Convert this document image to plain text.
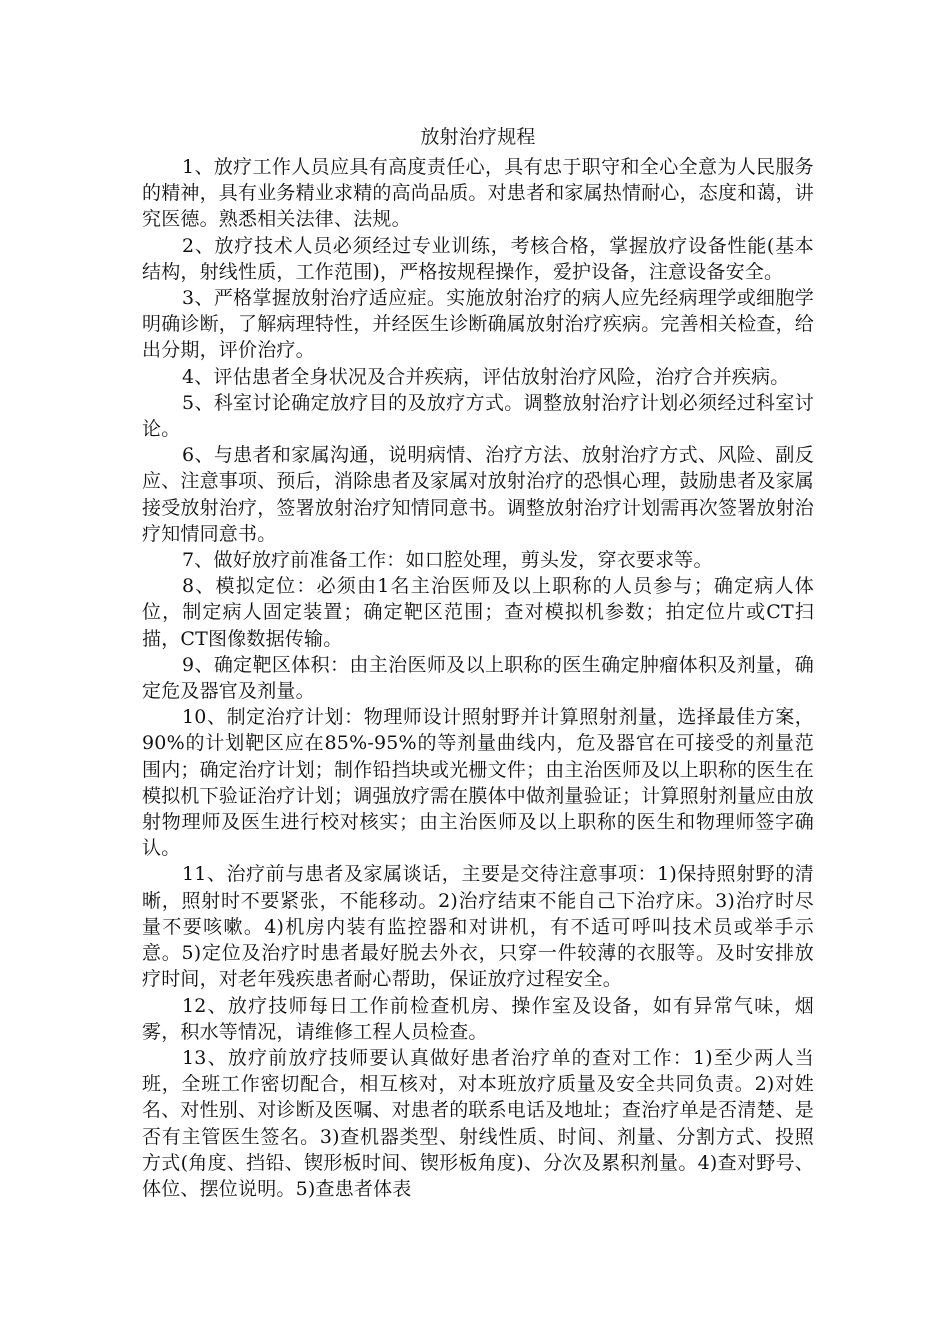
放射治疗规程

1、放疗工作人员应具有高度责任心，具有忠于职守和全心全意为人民服务的精神，具有业务精业求精的高尚品质。对患者和家属热情耐心，态度和蔼，讲究医德。熟悉相关法律、法规。

2、放疗技术人员必须经过专业训练，考核合格，掌握放疗设备性能(基本结构，射线性质，工作范围)，严格按规程操作，爱护设备，注意设备安全。

3、严格掌握放射治疗适应症。实施放射治疗的病人应先经病理学或细胞学明确诊断，了解病理特性，并经医生诊断确属放射治疗疾病。完善相关检查，给出分期，评价治疗。

4、评估患者全身状况及合并疾病，评估放射治疗风险，治疗合并疾病。

5、科室讨论确定放疗目的及放疗方式。调整放射治疗计划必须经过科室讨论。

6、与患者和家属沟通，说明病情、治疗方法、放射治疗方式、风险、副反应、注意事项、预后，消除患者及家属对放射治疗的恐惧心理，鼓励患者及家属接受放射治疗，签署放射治疗知情同意书。调整放射治疗计划需再次签署放射治疗知情同意书。

7、做好放疗前准备工作：如口腔处理，剪头发，穿衣要求等。

8、模拟定位：必须由1名主治医师及以上职称的人员参与；确定病人体位，制定病人固定装置；确定靶区范围；查对模拟机参数；拍定位片或CT扫描，CT图像数据传输。

9、确定靶区体积：由主治医师及以上职称的医生确定肿瘤体积及剂量，确定危及器官及剂量。

10、制定治疗计划：物理师设计照射野并计算照射剂量，选择最佳方案，90%的计划靶区应在85%-95%的等剂量曲线内，危及器官在可接受的剂量范围内；确定治疗计划；制作铅挡块或光栅文件；由主治医师及以上职称的医生在模拟机下验证治疗计划；调强放疗需在膜体中做剂量验证；计算照射剂量应由放射物理师及医生进行校对核实；由主治医师及以上职称的医生和物理师签字确认。

11、治疗前与患者及家属谈话，主要是交待注意事项：1)保持照射野的清晰，照射时不要紧张，不能移动。2)治疗结束不能自己下治疗床。3)治疗时尽量不要咳嗽。4)机房内装有监控器和对讲机，有不适可呼叫技术员或举手示意。5)定位及治疗时患者最好脱去外衣，只穿一件较薄的衣服等。及时安排放疗时间，对老年残疾患者耐心帮助，保证放疗过程安全。

12、放疗技师每日工作前检查机房、操作室及设备，如有异常气味，烟雾，积水等情况，请维修工程人员检查。

13、放疗前放疗技师要认真做好患者治疗单的查对工作：1)至少两人当班，全班工作密切配合，相互核对，对本班放疗质量及安全共同负责。2)对姓名、对性别、对诊断及医嘱、对患者的联系电话及地址；查治疗单是否清楚、是否有主管医生签名。3)查机器类型、射线性质、时间、剂量、分割方式、投照方式(角度、挡铅、锲形板时间、锲形板角度)、分次及累积剂量。4)查对野号、体位、摆位说明。5)查患者体表
